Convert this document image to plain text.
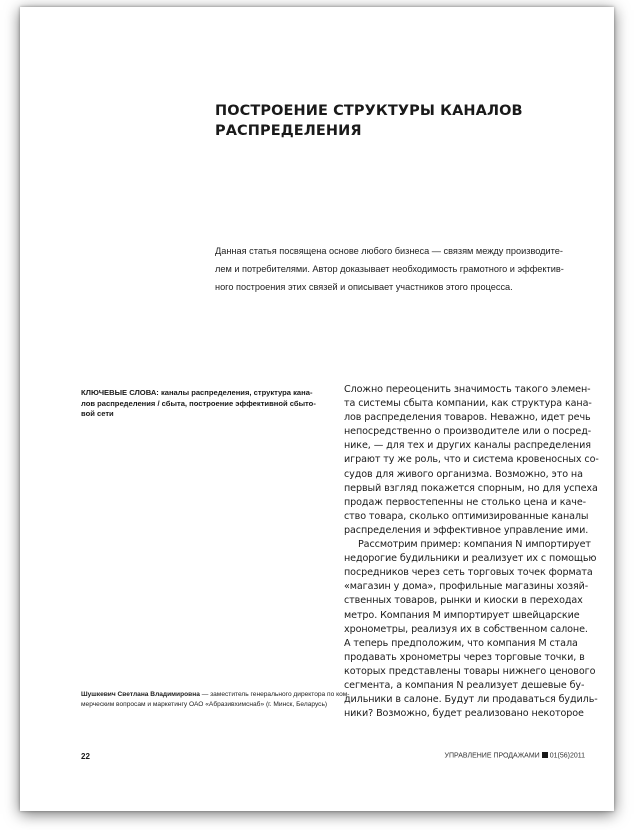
ПОСТРОЕНИЕ СТРУКТУРЫ КАНАЛОВ
РАСПРЕДЕЛЕНИЯ
Данная статья посвящена основе любого бизнеса — связям между производите-
лем и потребителями. Автор доказывает необходимость грамотного и эффектив-
ного построения этих связей и описывает участников этого процесса.
КЛЮЧЕВЫЕ СЛОВА: каналы распределения, структура кана-
лов распределения / сбыта, построение эффективной сбыто-
вой сети
Сложно переоценить значимость такого элемен-
та системы сбыта компании, как структура кана-
лов распределения товаров. Неважно, идет речь
непосредственно о производителе или о посред-
нике, — для тех и других каналы распределения
играют ту же роль, что и система кровеносных со-
судов для живого организма. Возможно, это на
первый взгляд покажется спорным, но для успеха
продаж первостепенны не столько цена и каче-
ство товара, сколько оптимизированные каналы
распределения и эффективное управление ими.
Рассмотрим пример: компания N импортирует
недорогие будильники и реализует их с помощью
посредников через сеть торговых точек формата
«магазин у дома», профильные магазины хозяй-
ственных товаров, рынки и киоски в переходах
метро. Компания M импортирует швейцарские
хронометры, реализуя их в собственном салоне.
А теперь предположим, что компания M стала
продавать хронометры через торговые точки, в
которых представлены товары нижнего ценового
сегмента, а компания N реализует дешевые бу-
дильники в салоне. Будут ли продаваться будиль-
ники? Возможно, будет реализовано некоторое
Шушкевич Светлана Владимировна — заместитель генерального директора по ком-
мерческим вопросам и маркетингу ОАО «Абразивхимснаб» (г. Минск, Беларусь)
22	УПРАВЛЕНИЕ ПРОДАЖАМИ 01(56)2011
